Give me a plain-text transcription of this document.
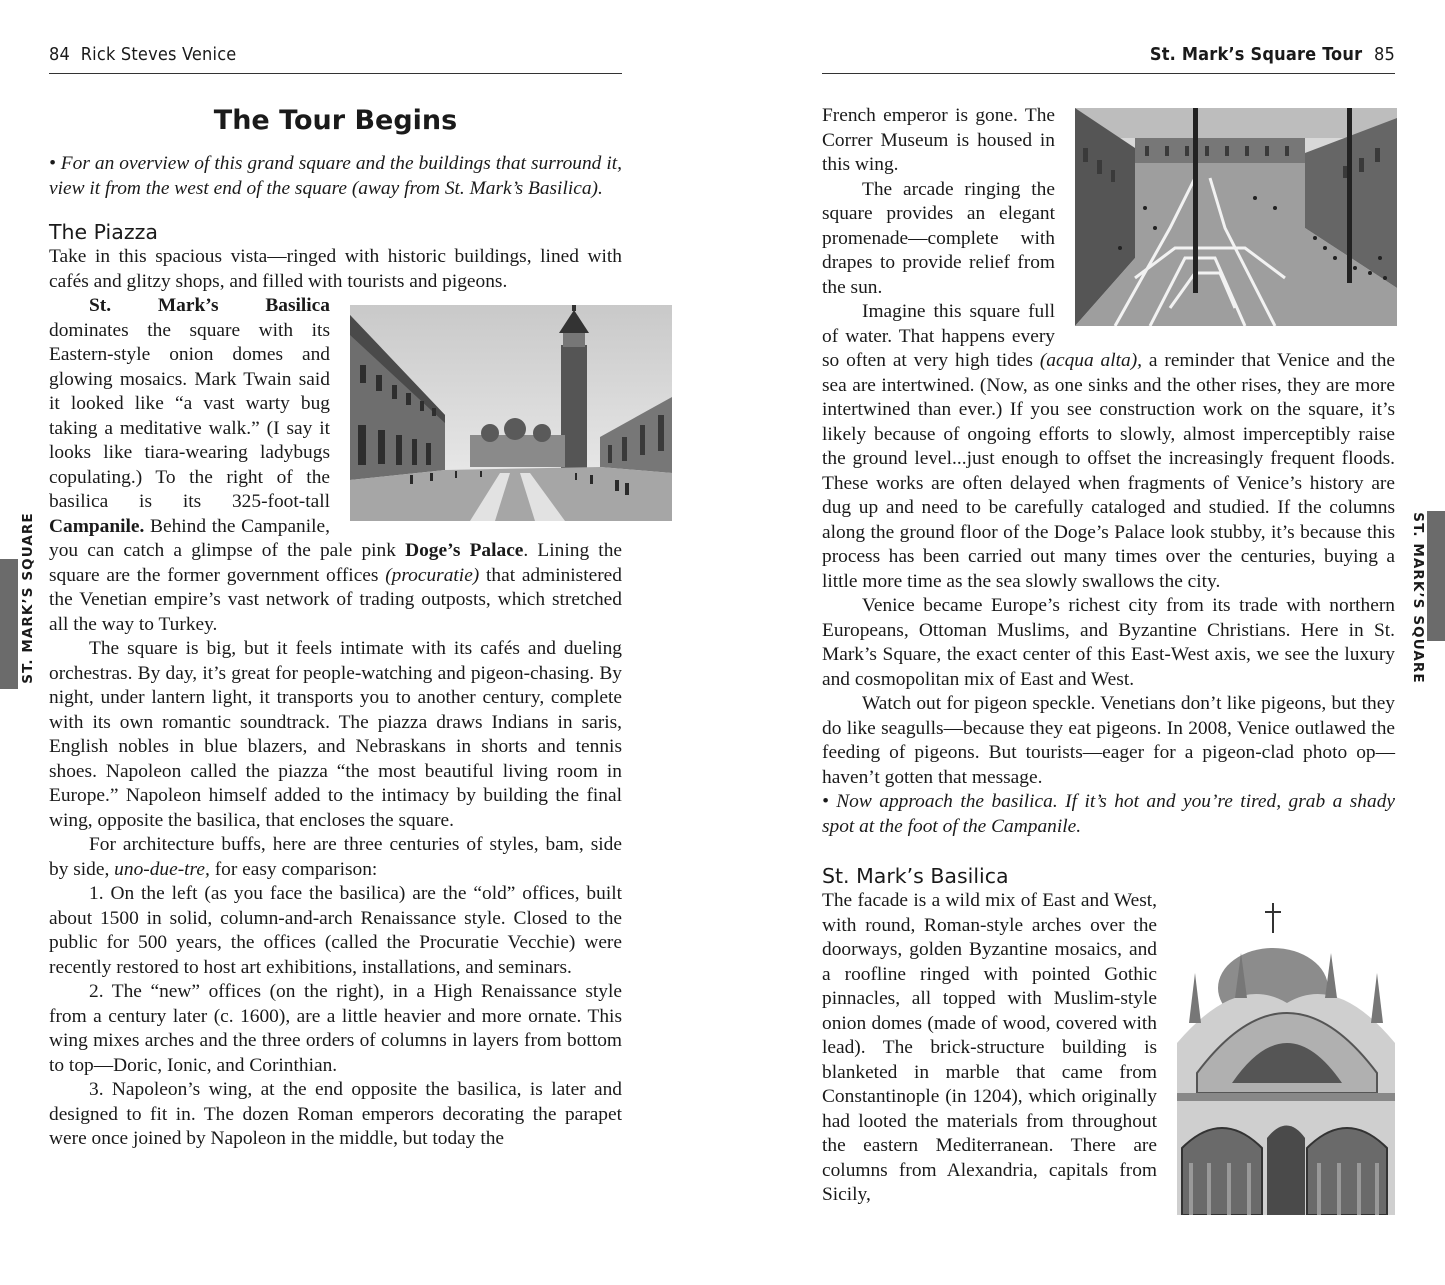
84 Rick Steves Venice
ST. MARK’S SQUARE
The Tour Begins

• For an overview of this grand square and the buildings that surround it, view it from the west end of the square (away from St. Mark’s Basilica).

The Piazza

Take in this spacious vista—ringed with historic buildings, lined with cafés and glitzy shops, and filled with tourists and pigeons.

St. Mark’s Basilica dominates the square with its Eastern-style onion domes and glowing mosaics. Mark Twain said it looked like “a vast warty bug taking a meditative walk.” (I say it looks like tiara-wearing ladybugs copulating.) To the right of the basilica is its 325-foot-tall Campanile. Behind the Campanile, you can catch a glimpse of the pale pink Doge’s Palace. Lining the square are the former government offices (procuratie) that administered the Venetian empire’s vast network of trading outposts, which stretched all the way to Turkey.

The square is big, but it feels intimate with its cafés and dueling orchestras. By day, it’s great for people-watching and pigeon-chasing. By night, under lantern light, it transports you to another century, complete with its own romantic soundtrack. The piazza draws Indians in saris, English nobles in blue blazers, and Nebraskans in shorts and tennis shoes. Napoleon called the piazza “the most beautiful living room in Europe.” Napoleon himself added to the intimacy by building the final wing, opposite the basilica, that encloses the square.

For architecture buffs, here are three centuries of styles, bam, side by side, uno-due-tre, for easy comparison:

1. On the left (as you face the basilica) are the “old” offices, built about 1500 in solid, column-and-arch Renaissance style. Closed to the public for 500 years, the offices (called the Procuratie Vecchie) were recently restored to host art exhibitions, installations, and seminars.

2. The “new” offices (on the right), in a High Renaissance style from a century later (c. 1600), are a little heavier and more ornate. This wing mixes arches and the three orders of columns in layers from bottom to top—Doric, Ionic, and Corinthian.

3. Napoleon’s wing, at the end opposite the basilica, is later and designed to fit in. The dozen Roman emperors decorating the parapet were once joined by Napoleon in the middle, but today the

St. Mark’s Square Tour 85
ST. MARK’S SQUARE

French emperor is gone. The Correr Museum is housed in this wing.

The arcade ringing the square provides an elegant promenade—complete with drapes to provide relief from the sun.

Imagine this square full of water. That happens every so often at very high tides (acqua alta), a reminder that Venice and the sea are intertwined. (Now, as one sinks and the other rises, they are more intertwined than ever.) If you see construction work on the square, it’s likely because of ongoing efforts to slowly, almost imperceptibly raise the ground level...just enough to offset the increasingly frequent floods. These works are often delayed when fragments of Venice’s history are dug up and need to be carefully cataloged and studied. If the columns along the ground floor of the Doge’s Palace look stubby, it’s because this process has been carried out many times over the centuries, buying a little more time as the sea slowly swallows the city.

Venice became Europe’s richest city from its trade with northern Europeans, Ottoman Muslims, and Byzantine Christians. Here in St. Mark’s Square, the exact center of this East-West axis, we see the luxury and cosmopolitan mix of East and West.

Watch out for pigeon speckle. Venetians don’t like pigeons, but they do like seagulls—because they eat pigeons. In 2008, Venice outlawed the feeding of pigeons. But tourists—eager for a pigeon-clad photo op—haven’t gotten that message.

• Now approach the basilica. If it’s hot and you’re tired, grab a shady spot at the foot of the Campanile.

St. Mark’s Basilica

The facade is a wild mix of East and West, with round, Roman-style arches over the doorways, golden Byzantine mosaics, and a roofline ringed with pointed Gothic pinnacles, all topped with Muslim-style onion domes (made of wood, covered with lead). The brick-structure building is blanketed in marble that came from Constantinople (in 1204), which originally had looted the materials from throughout the eastern Mediterranean. There are columns from Alexandria, capitals from Sicily,
